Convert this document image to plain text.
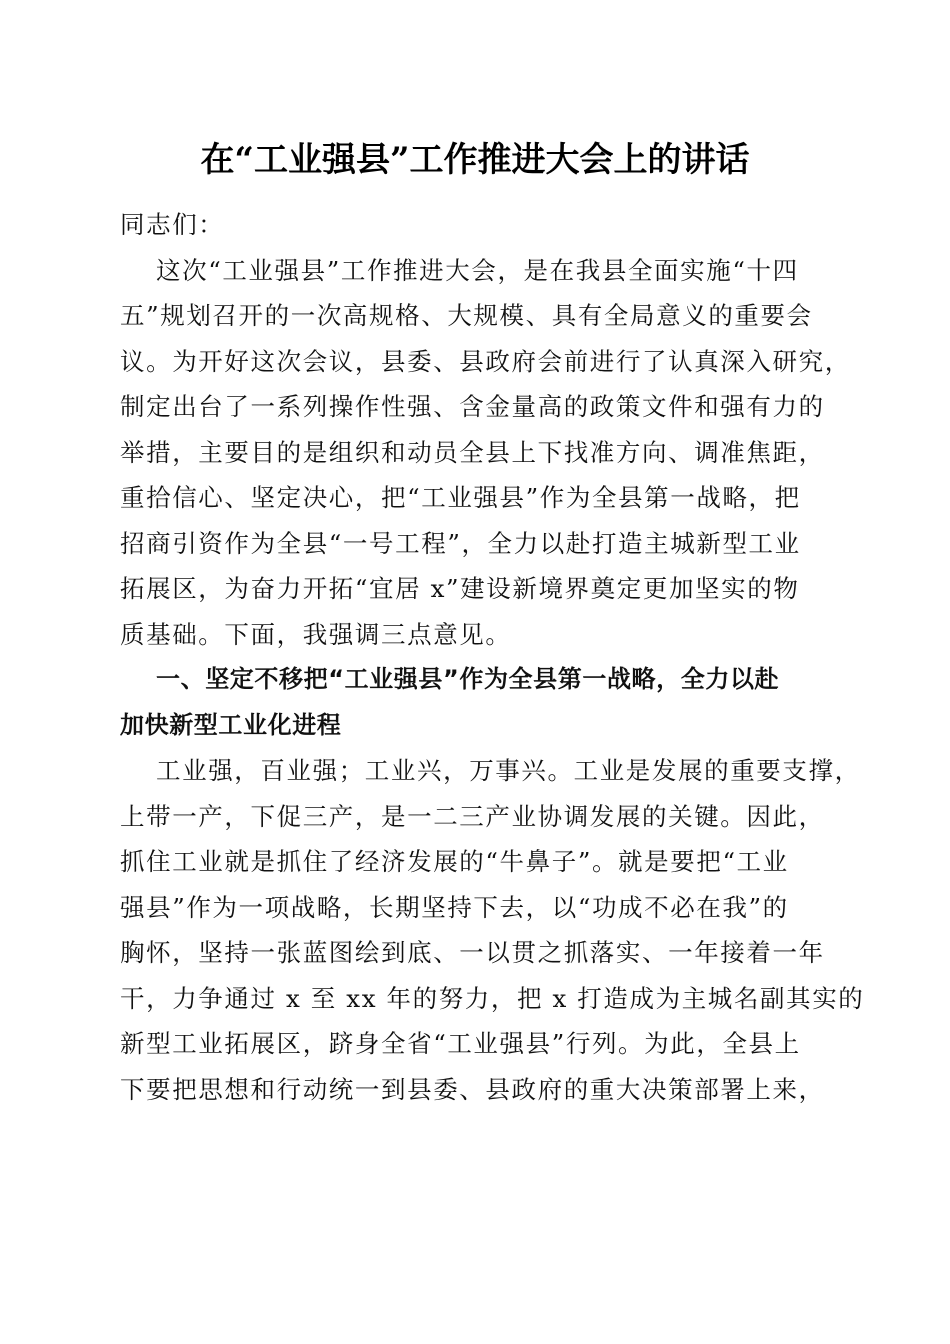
在“工业强县”工作推进大会上的讲话
同志们：
这次“工业强县”工作推进大会，是在我县全面实施“十四
五”规划召开的一次高规格、大规模、具有全局意义的重要会
议。为开好这次会议，县委、县政府会前进行了认真深入研究，
制定出台了一系列操作性强、含金量高的政策文件和强有力的
举措，主要目的是组织和动员全县上下找准方向、调准焦距，
重拾信心、坚定决心，把“工业强县”作为全县第一战略，把
招商引资作为全县“一号工程”，全力以赴打造主城新型工业
拓展区，为奋力开拓“宜居 x”建设新境界奠定更加坚实的物
质基础。下面，我强调三点意见。
一、坚定不移把“工业强县”作为全县第一战略，全力以赴
加快新型工业化进程
工业强，百业强；工业兴，万事兴。工业是发展的重要支撑，
上带一产，下促三产，是一二三产业协调发展的关键。因此，
抓住工业就是抓住了经济发展的“牛鼻子”。就是要把“工业
强县”作为一项战略，长期坚持下去，以“功成不必在我”的
胸怀，坚持一张蓝图绘到底、一以贯之抓落实、一年接着一年
干，力争通过 x 至 xx 年的努力，把 x 打造成为主城名副其实的
新型工业拓展区，跻身全省“工业强县”行列。为此，全县上
下要把思想和行动统一到县委、县政府的重大决策部署上来，
